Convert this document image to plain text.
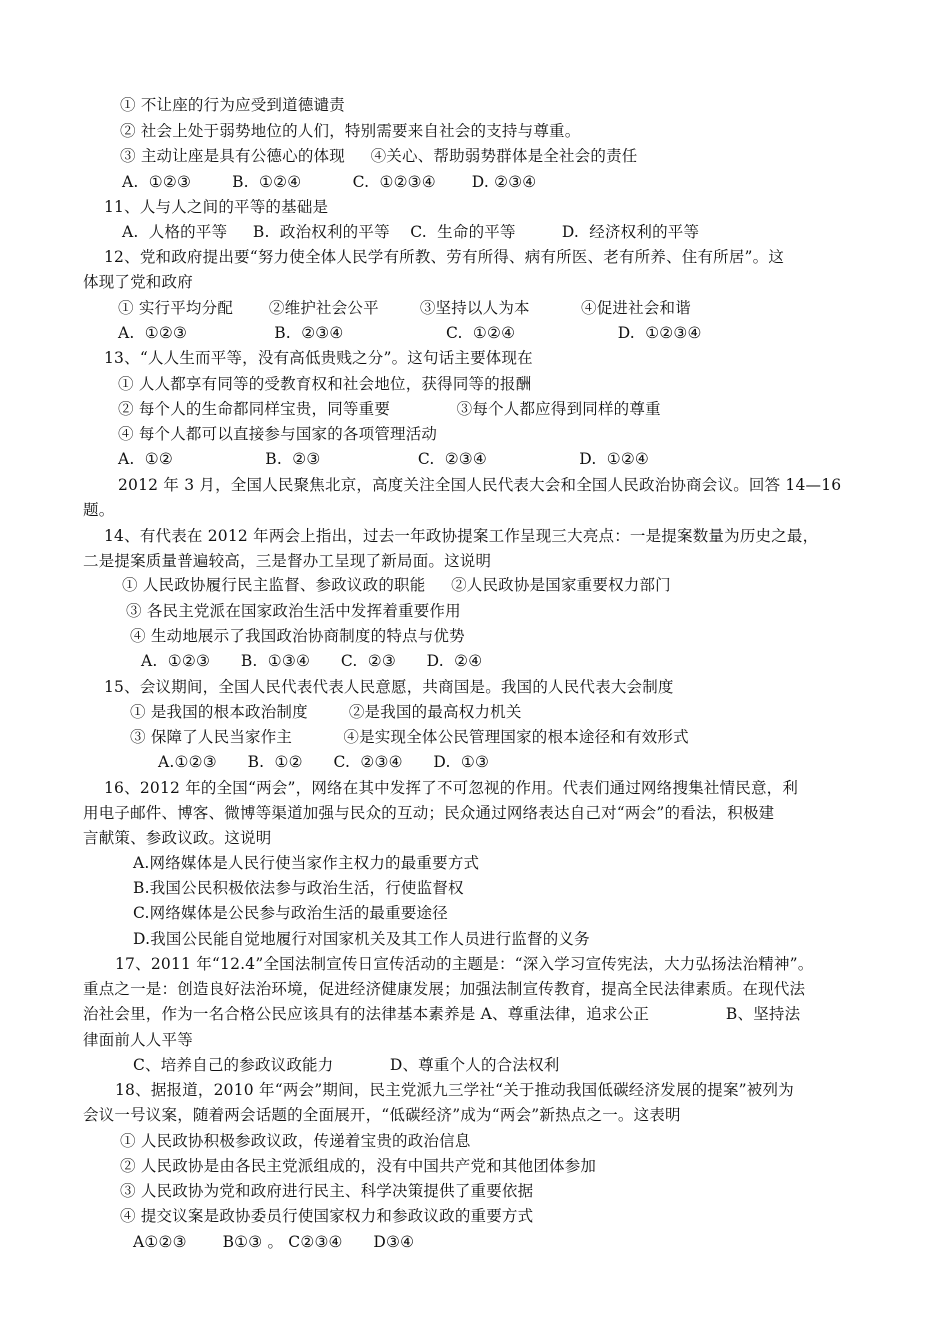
① 不让座的行为应受到道德谴责
② 社会上处于弱势地位的人们，特别需要来自社会的支持与尊重。
③ 主动让座是具有公德心的体现     ④关心、帮助弱势群体是全社会的责任
A.  ①②③        B.  ①②④          C.  ①②③④       D. ②③④
11、人与人之间的平等的基础是
A.  人格的平等     B.  政治权利的平等    C.  生命的平等         D.  经济权利的平等
12、党和政府提出要“努力使全体人民学有所教、劳有所得、病有所医、老有所养、住有所居”。这
体现了党和政府
① 实行平均分配       ②维护社会公平        ③坚持以人为本          ④促进社会和谐
A.  ①②③                 B.  ②③④                    C.  ①②④                    D.  ①②③④
13、“人人生而平等，没有高低贵贱之分”。这句话主要体现在
① 人人都享有同等的受教育权和社会地位，获得同等的报酬
② 每个人的生命都同样宝贵，同等重要             ③每个人都应得到同样的尊重
④ 每个人都可以直接参与国家的各项管理活动
A.  ①②                  B.  ②③                   C.  ②③④                  D.  ①②④
2012 年 3 月，全国人民聚焦北京，高度关注全国人民代表大会和全国人民政治协商会议。回答 14—16
题。
14、有代表在 2012 年两会上指出，过去一年政协提案工作呈现三大亮点：一是提案数量为历史之最，
二是提案质量普遍较高，三是督办工呈现了新局面。这说明
① 人民政协履行民主监督、参政议政的职能     ②人民政协是国家重要权力部门
③ 各民主党派在国家政治生活中发挥着重要作用
④ 生动地展示了我国政治协商制度的特点与优势
A.  ①②③      B.  ①③④      C.  ②③      D.  ②④
15、会议期间，全国人民代表代表人民意愿，共商国是。我国的人民代表大会制度
① 是我国的根本政治制度        ②是我国的最高权力机关
③ 保障了人民当家作主          ④是实现全体公民管理国家的根本途径和有效形式
A.①②③      B.  ①②      C.  ②③④      D.  ①③
16、2012 年的全国“两会”，网络在其中发挥了不可忽视的作用。代表们通过网络搜集社情民意，利
用电子邮件、博客、微博等渠道加强与民众的互动；民众通过网络表达自己对“两会”的看法，积极建
言献策、参政议政。这说明
A.网络媒体是人民行使当家作主权力的最重要方式
B.我国公民积极依法参与政治生活，行使监督权
C.网络媒体是公民参与政治生活的最重要途径
D.我国公民能自觉地履行对国家机关及其工作人员进行监督的义务
17、2011 年“12.4”全国法制宣传日宣传活动的主题是：“深入学习宣传宪法，大力弘扬法治精神”。
重点之一是：创造良好法治环境，促进经济健康发展；加强法制宣传教育，提高全民法律素质。在现代法
治社会里，作为一名合格公民应该具有的法律基本素养是 A、尊重法律，追求公正               B、坚持法
律面前人人平等
C、培养自己的参政议政能力           D、尊重个人的合法权利
18、据报道，2010 年“两会”期间，民主党派九三学社“关于推动我国低碳经济发展的提案”被列为
会议一号议案，随着两会话题的全面展开，“低碳经济”成为“两会”新热点之一。这表明
① 人民政协积极参政议政，传递着宝贵的政治信息
② 人民政协是由各民主党派组成的，没有中国共产党和其他团体参加
③ 人民政协为党和政府进行民主、科学决策提供了重要依据
④ 提交议案是政协委员行使国家权力和参政议政的重要方式
A①②③       B①③ 。 C②③④      D③④
